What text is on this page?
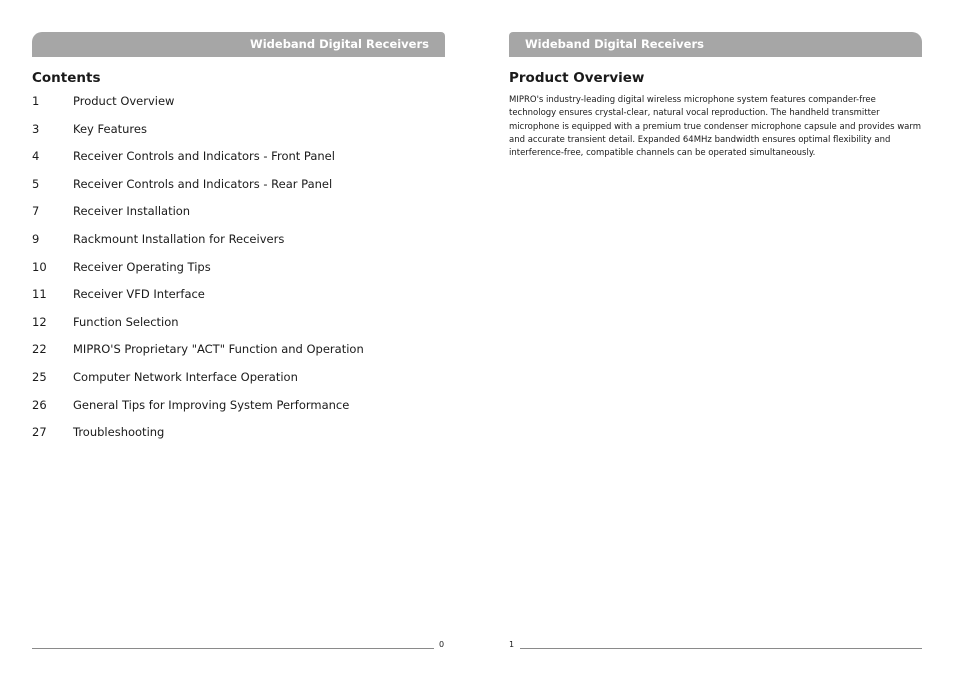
Wideband Digital Receivers
Contents
1	Product Overview
3	Key Features
4	Receiver Controls and Indicators - Front Panel
5	Receiver Controls and Indicators - Rear Panel
7	Receiver Installation
9	Rackmount Installation for Receivers
10	Receiver Operating Tips
11	Receiver VFD Interface
12	Function Selection
22	MIPRO'S Proprietary "ACT" Function and Operation
25	Computer Network Interface Operation
26	General Tips for Improving System Performance
27	Troubleshooting
0
Wideband Digital Receivers
Product Overview

MIPRO's industry-leading digital wireless microphone system features compander-free technology ensures crystal-clear, natural vocal reproduction. The handheld transmitter microphone is equipped with a premium true condenser microphone capsule and provides warm and accurate transient detail. Expanded 64MHz bandwidth ensures optimal flexibility and interference-free, compatible channels can be operated simultaneously.

1
